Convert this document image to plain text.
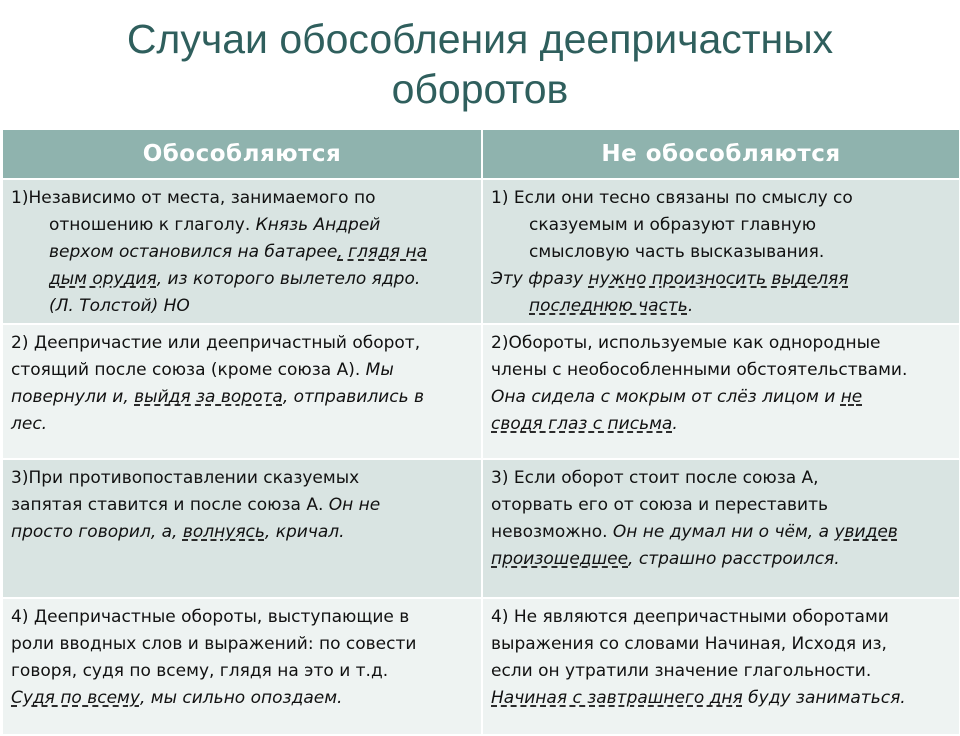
Случаи обособления деепричастных
оборотов
Обособляются	Не обособляются

1)Независимо от места, занимаемого по
отношению к глаголу. Князь Андрей
верхом остановился на батарее, глядя на
дым орудия, из которого вылетело ядро.
(Л. Толстой) НО	1) Если они тесно связаны по смыслу со
сказуемым и образуют главную
смысловую часть высказывания.
Эту фразу нужно произносить выделяя
последнюю часть.

2) Деепричастие или деепричастный оборот,
стоящий после союза (кроме союза А). Мы
повернули и, выйдя за ворота, отправились в
лес.	2)Обороты, используемые как однородные
члены с необособленными обстоятельствами.
Она сидела с мокрым от слёз лицом и не
сводя глаз с письма.

3)При противопоставлении сказуемых
запятая ставится и после союза А. Он не
просто говорил, а, волнуясь, кричал.	3) Если оборот стоит после союза А,
оторвать его от союза и переставить
невозможно. Он не думал ни о чём, а увидев
произошедшее, страшно расстроился.

4) Деепричастные обороты, выступающие в
роли вводных слов и выражений: по совести
говоря, судя по всему, глядя на это и т.д.
Судя по всему, мы сильно опоздаем.	4) Не являются деепричастными оборотами
выражения со словами Начиная, Исходя из,
если он утратили значение глагольности.
Начиная с завтрашнего дня буду заниматься.
